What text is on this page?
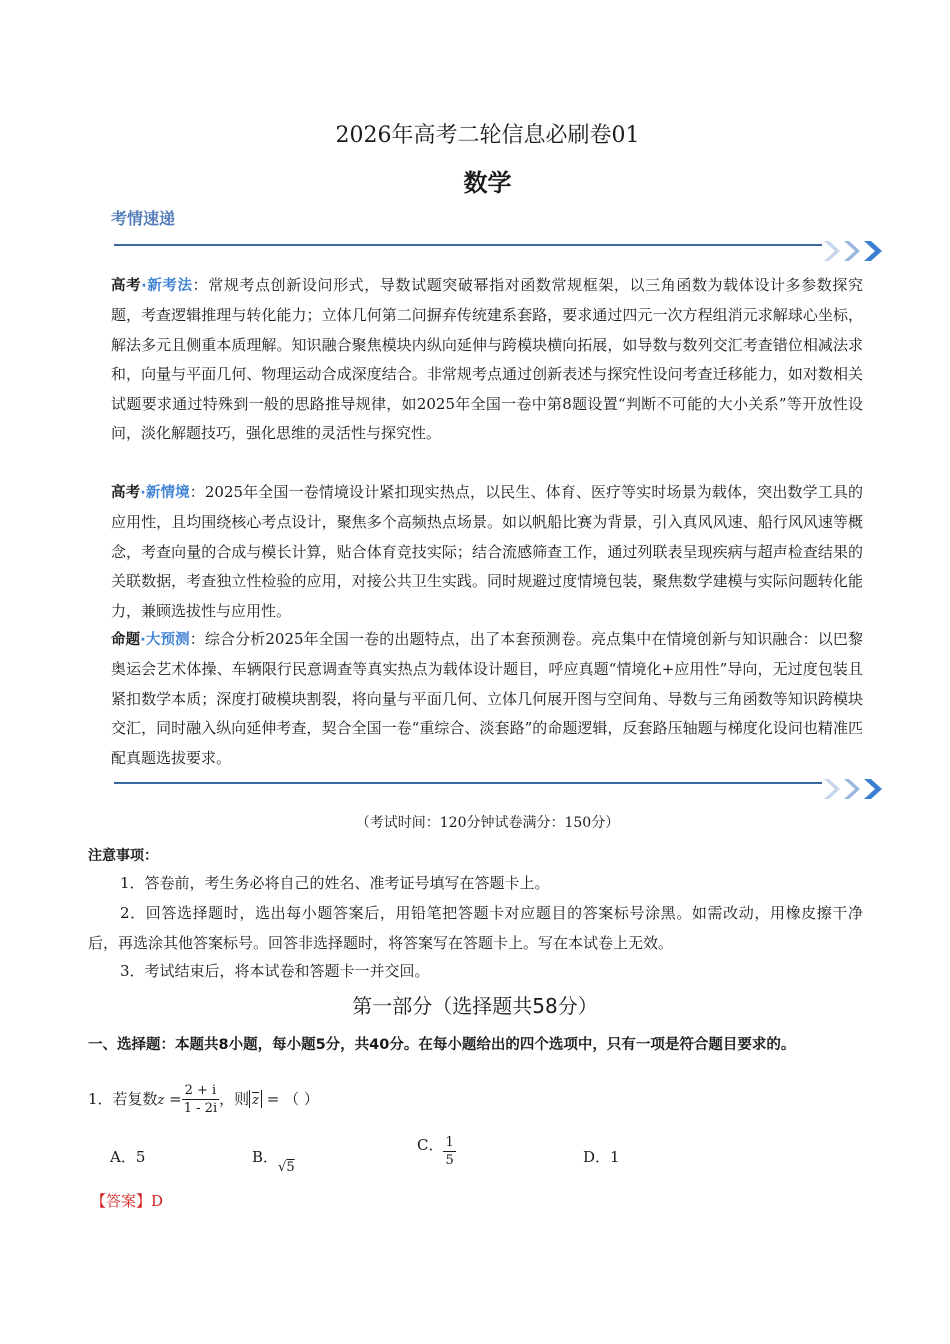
2026年高考二轮信息必刷卷01
数学
考情速递
高考·新考法：常规考点创新设问形式，导数试题突破幂指对函数常规框架，以三角函数为载体设计多参数探究题，考查逻辑推理与转化能力；立体几何第二问摒弃传统建系套路，要求通过四元一次方程组消元求解球心坐标，解法多元且侧重本质理解。知识融合聚焦模块内纵向延伸与跨模块横向拓展，如导数与数列交汇考查错位相减法求和，向量与平面几何、物理运动合成深度结合。非常规考点通过创新表述与探究性设问考查迁移能力，如对数相关试题要求通过特殊到一般的思路推导规律，如2025年全国一卷中第8题设置“判断不可能的大小关系”等开放性设问，淡化解题技巧，强化思维的灵活性与探究性。
高考·新情境：2025年全国一卷情境设计紧扣现实热点，以民生、体育、医疗等实时场景为载体，突出数学工具的应用性，且均围绕核心考点设计，聚焦多个高频热点场景。如以帆船比赛为背景，引入真风风速、船行风风速等概念，考查向量的合成与模长计算，贴合体育竞技实际；结合流感筛查工作，通过列联表呈现疾病与超声检查结果的关联数据，考查独立性检验的应用，对接公共卫生实践。同时规避过度情境包装，聚焦数学建模与实际问题转化能力，兼顾选拔性与应用性。
命题·大预测：综合分析2025年全国一卷的出题特点，出了本套预测卷。亮点集中在情境创新与知识融合：以巴黎奥运会艺术体操、车辆限行民意调查等真实热点为载体设计题目，呼应真题“情境化+应用性”导向，无过度包装且紧扣数学本质；深度打破模块割裂，将向量与平面几何、立体几何展开图与空间角、导数与三角函数等知识跨模块交汇，同时融入纵向延伸考查，契合全国一卷“重综合、淡套路”的命题逻辑，反套路压轴题与梯度化设问也精准匹配真题选拔要求。
（考试时间：120分钟试卷满分：150分）
注意事项：
1．答卷前，考生务必将自己的姓名、准考证号填写在答题卡上。
2．回答选择题时，选出每小题答案后，用铅笔把答题卡对应题目的答案标号涂黑。如需改动，用橡皮擦干净后，再选涂其他答案标号。回答非选择题时，将答案写在答题卡上。写在本试卷上无效。
3．考试结束后，将本试卷和答题卡一并交回。
第一部分（选择题共58分）
一、选择题：本题共8小题，每小题5分，共40分。在每小题给出的四个选项中，只有一项是符合题目要求的。
1．若复数$z = \frac{2 + i}{1 - 2i}$ ，则 $\overline{z}$ = （ ）
A．5	B．√5
C． $\frac{1}{5}$	D．1
【答案】D
